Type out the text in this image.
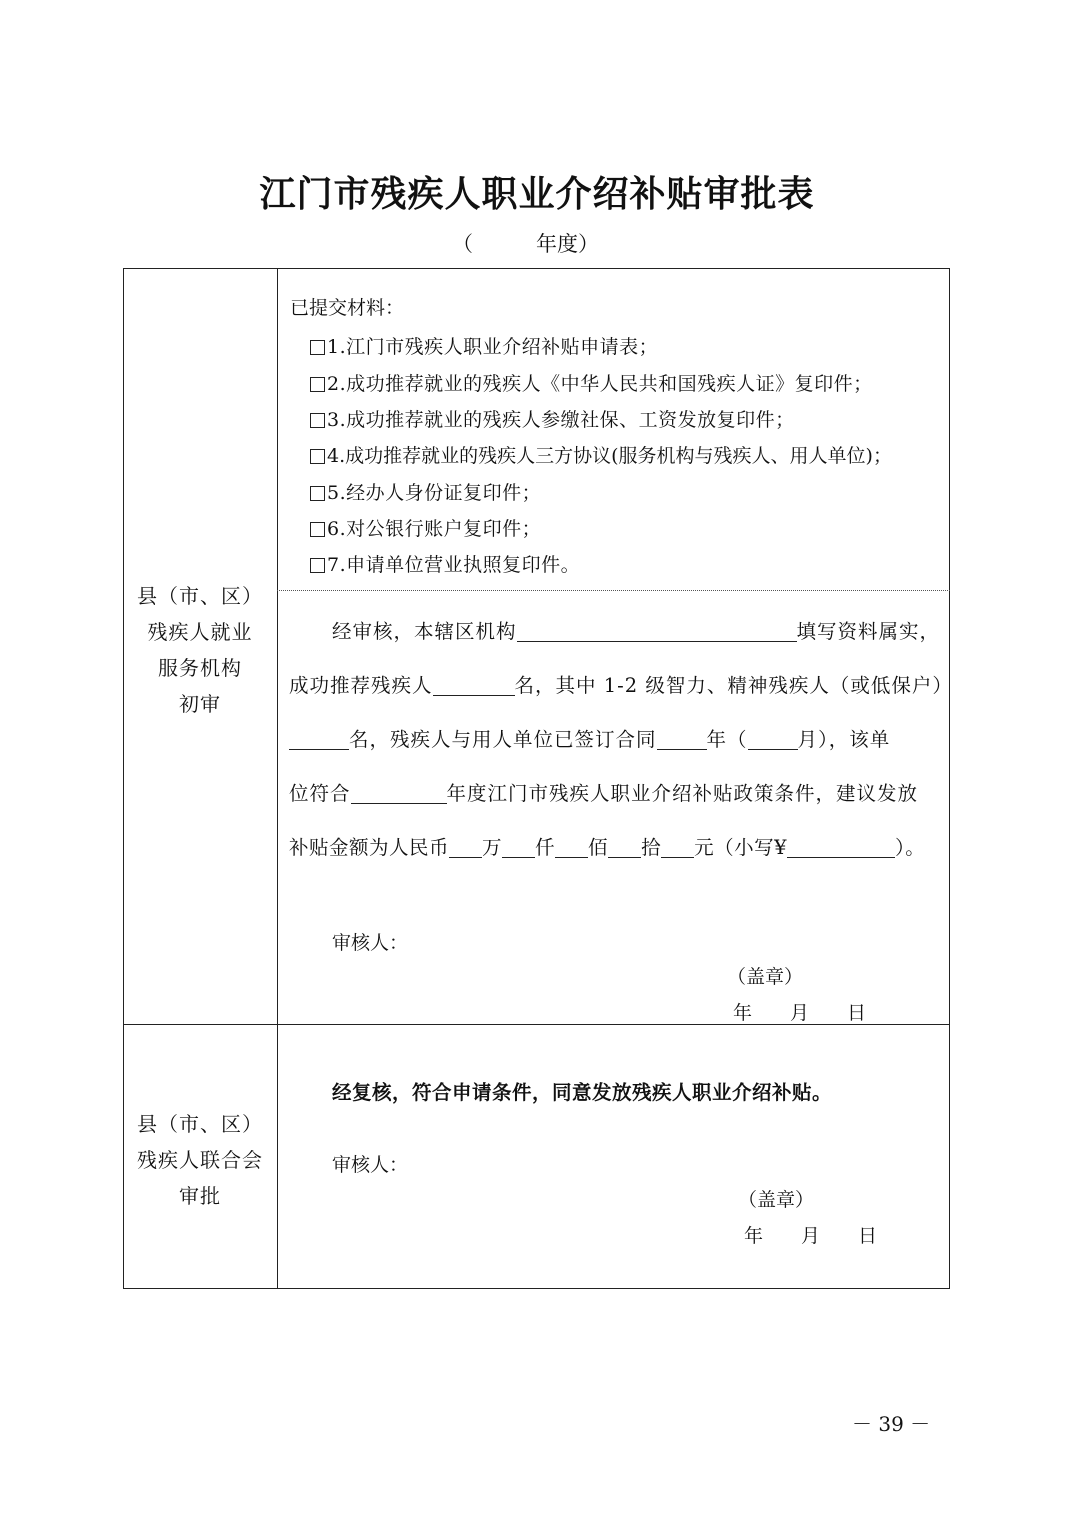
江门市残疾人职业介绍补贴审批表
（　　　年度）
县（市、区）
残疾人就业
服务机构
初审
已提交材料：
1.江门市残疾人职业介绍补贴申请表；
2.成功推荐就业的残疾人《中华人民共和国残疾人证》复印件；
3.成功推荐就业的残疾人参缴社保、工资发放复印件；
4.成功推荐就业的残疾人三方协议(服务机构与残疾人、用人单位)；
5.经办人身份证复印件；
6.对公银行账户复印件；
7.申请单位营业执照复印件。
经审核，本辖区机构	填写资料属实，
成功推荐残疾人	名，其中 1-2 级智力、精神残疾人（或低保户）
名，残疾人与用人单位已签订合同	年（	月），该单
位符合	年度江门市残疾人职业介绍补贴政策条件，建议发放
补贴金额为人民币 万 仟 佰 拾 元（小写¥	）。
审核人：
（盖章）
年　　月　　日
县（市、区）
残疾人联合会
审批
经复核，符合申请条件，同意发放残疾人职业介绍补贴。
审核人：
（盖章）
年　　月　　日
－ 39 －
